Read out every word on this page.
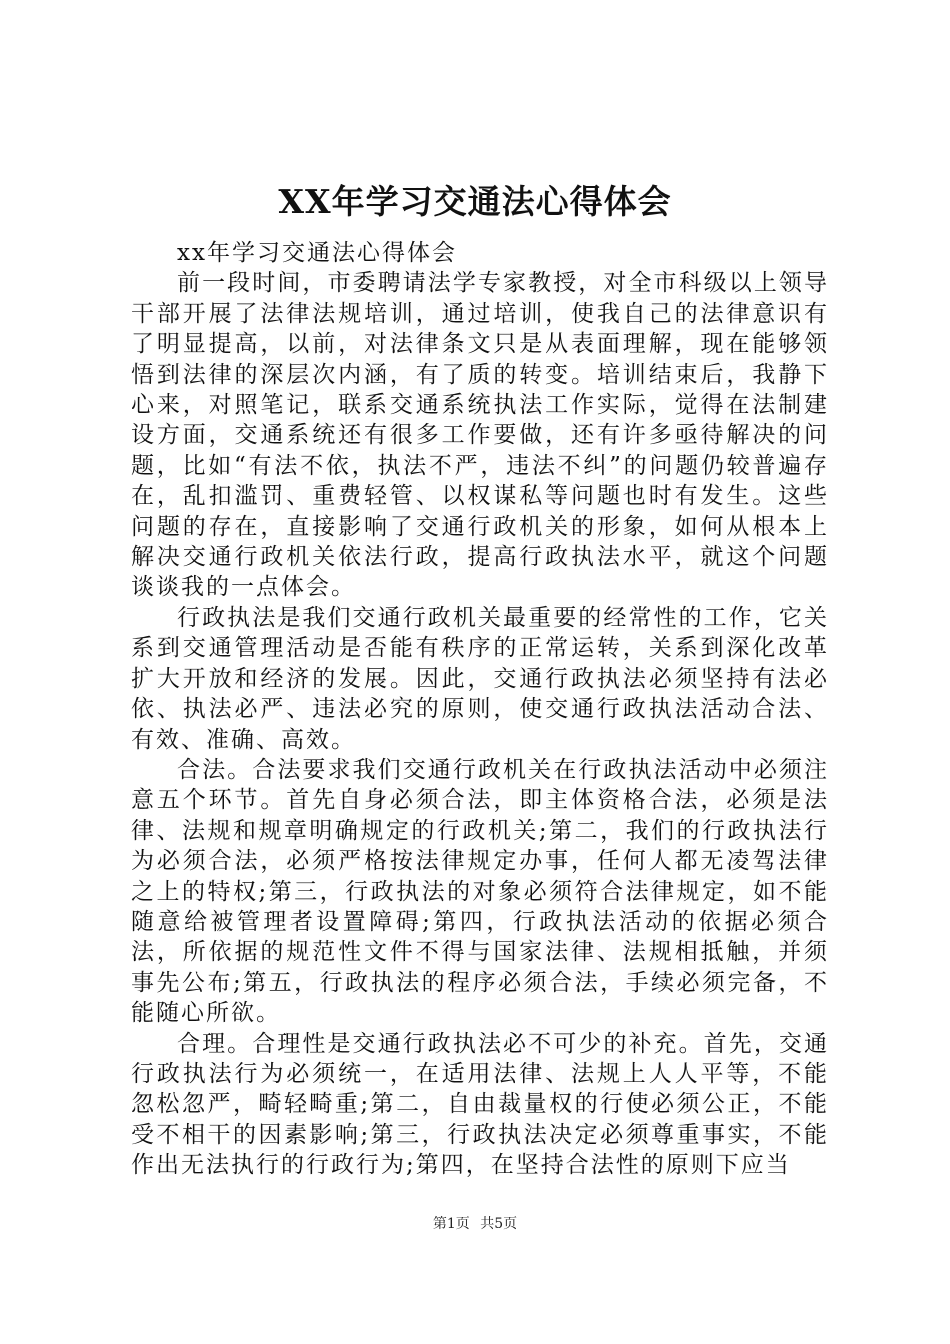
XX年学习交通法心得体会

xx年学习交通法心得体会

前一段时间，市委聘请法学专家教授，对全市科级以上领导干部开展了法律法规培训，通过培训，使我自己的法律意识有了明显提高，以前，对法律条文只是从表面理解，现在能够领悟到法律的深层次内涵，有了质的转变。培训结束后，我静下心来，对照笔记，联系交通系统执法工作实际，觉得在法制建设方面，交通系统还有很多工作要做，还有许多亟待解决的问题，比如“有法不依，执法不严，违法不纠”的问题仍较普遍存在，乱扣滥罚、重费轻管、以权谋私等问题也时有发生。这些问题的存在，直接影响了交通行政机关的形象，如何从根本上解决交通行政机关依法行政，提高行政执法水平，就这个问题谈谈我的一点体会。

行政执法是我们交通行政机关最重要的经常性的工作，它关系到交通管理活动是否能有秩序的正常运转，关系到深化改革扩大开放和经济的发展。因此，交通行政执法必须坚持有法必依、执法必严、违法必究的原则，使交通行政执法活动合法、有效、准确、高效。

合法。合法要求我们交通行政机关在行政执法活动中必须注意五个环节。首先自身必须合法，即主体资格合法，必须是法律、法规和规章明确规定的行政机关;第二，我们的行政执法行为必须合法，必须严格按法律规定办事，任何人都无凌驾法律之上的特权;第三，行政执法的对象必须符合法律规定，如不能随意给被管理者设置障碍;第四，行政执法活动的依据必须合法，所依据的规范性文件不得与国家法律、法规相抵触，并须事先公布;第五，行政执法的程序必须合法，手续必须完备，不能随心所欲。

合理。合理性是交通行政执法必不可少的补充。首先，交通行政执法行为必须统一，在适用法律、法规上人人平等，不能忽松忽严，畸轻畸重;第二，自由裁量权的行使必须公正，不能受不相干的因素影响;第三，行政执法决定必须尊重事实，不能作出无法执行的行政行为;第四，在坚持合法性的原则下应当

第1页 共5页
